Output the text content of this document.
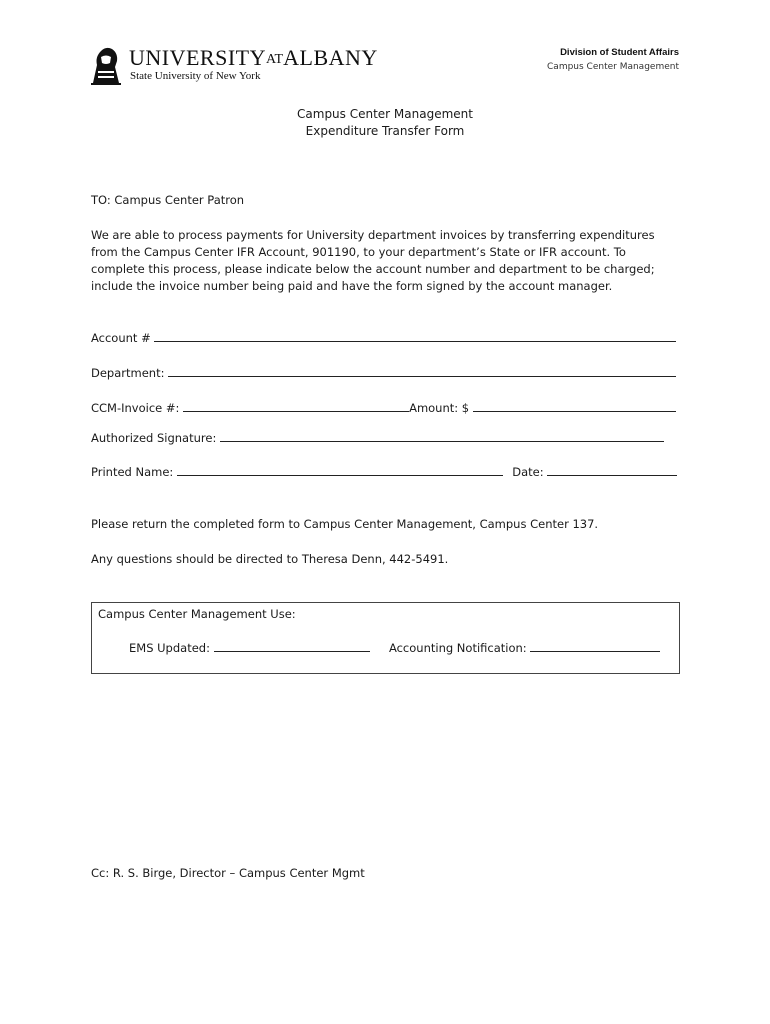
UNIVERSITYATALBANY
State University of New York
Division of Student Affairs
Campus Center Management
Campus Center Management
Expenditure Transfer Form
TO: Campus Center Patron
We are able to process payments for University department invoices by transferring expenditures from the Campus Center IFR Account, 901190, to your department’s State or IFR account. To complete this process, please indicate below the account number and department to be charged; include the invoice number being paid and have the form signed by the account manager.
Account #
Department:
CCM-Invoice #:	Amount: $
Authorized Signature:
Printed Name:	Date:
Please return the completed form to Campus Center Management, Campus Center 137.
Any questions should be directed to Theresa Denn, 442-5491.
Campus Center Management Use:
EMS Updated:	Accounting Notification:
Cc: R. S. Birge, Director – Campus Center Mgmt
